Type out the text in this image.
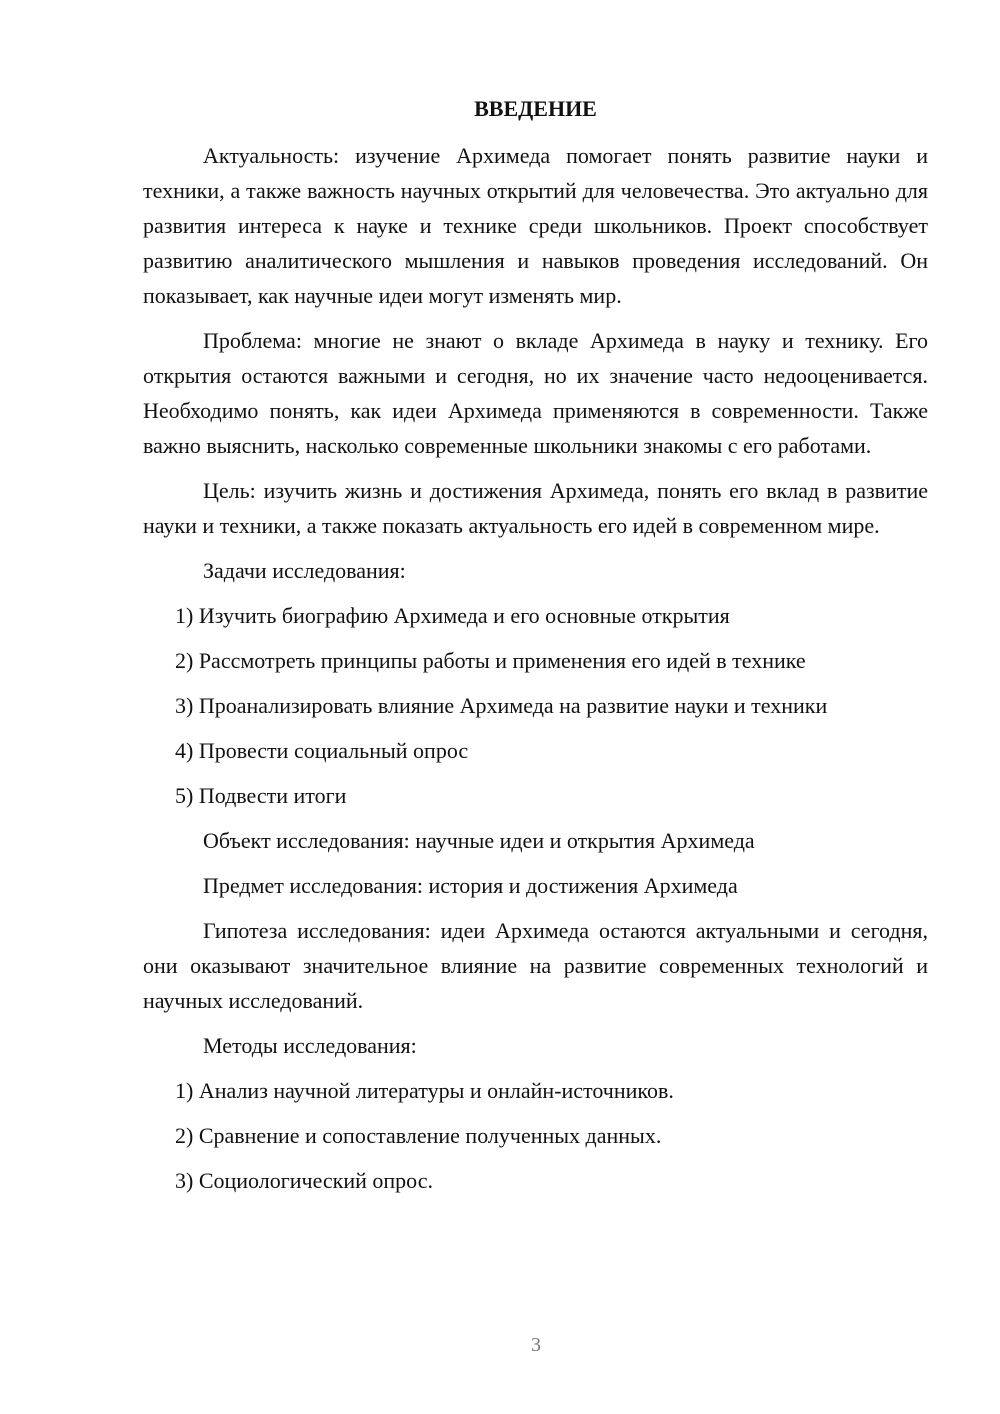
ВВЕДЕНИЕ

Актуальность: изучение Архимеда помогает понять развитие науки и техники, а также важность научных открытий для человечества. Это актуально для развития интереса к науке и технике среди школьников. Проект способствует развитию аналитического мышления и навыков проведения исследований. Он показывает, как научные идеи могут изменять мир.

Проблема: многие не знают о вкладе Архимеда в науку и технику. Его открытия остаются важными и сегодня, но их значение часто недооценивается. Необходимо понять, как идеи Архимеда применяются в современности. Также важно выяснить, насколько современные школьники знакомы с его работами.

Цель: изучить жизнь и достижения Архимеда, понять его вклад в развитие науки и техники, а также показать актуальность его идей в современном мире.

Задачи исследования:
1) Изучить биографию Архимеда и его основные открытия
2) Рассмотреть принципы работы и применения его идей в технике
3) Проанализировать влияние Архимеда на развитие науки и техники
4) Провести социальный опрос
5) Подвести итоги
Объект исследования: научные идеи и открытия Архимеда
Предмет исследования: история и достижения Архимеда

Гипотеза исследования: идеи Архимеда остаются актуальными и сегодня, они оказывают значительное влияние на развитие современных технологий и научных исследований.

Методы исследования:
1) Анализ научной литературы и онлайн-источников.
2) Сравнение и сопоставление полученных данных.
3) Социологический опрос.
3
